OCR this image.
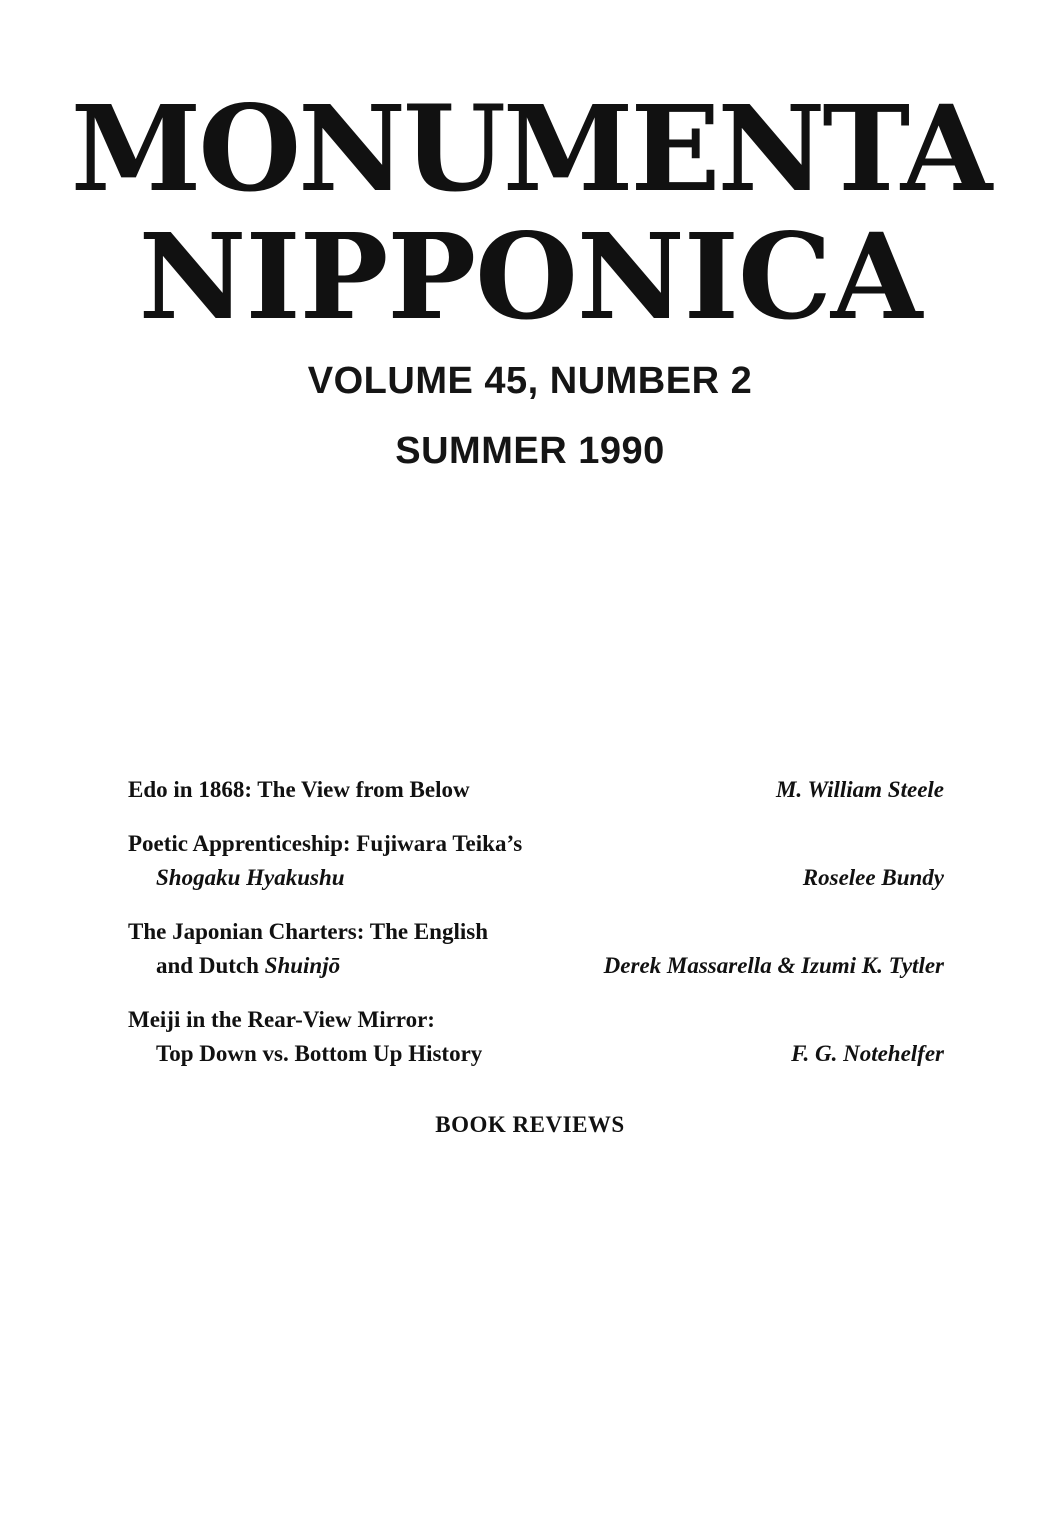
MONUMENTA
NIPPONICA
VOLUME 45, NUMBER 2
SUMMER 1990
Edo in 1868: The View from Below	M. William Steele
Poetic Apprenticeship: Fujiwara Teika’s
Shogaku Hyakushu	Roselee Bundy
The Japonian Charters: The English
and Dutch Shuinjō	Derek Massarella & Izumi K. Tytler
Meiji in the Rear-View Mirror:
Top Down vs. Bottom Up History	F. G. Notehelfer
BOOK REVIEWS
